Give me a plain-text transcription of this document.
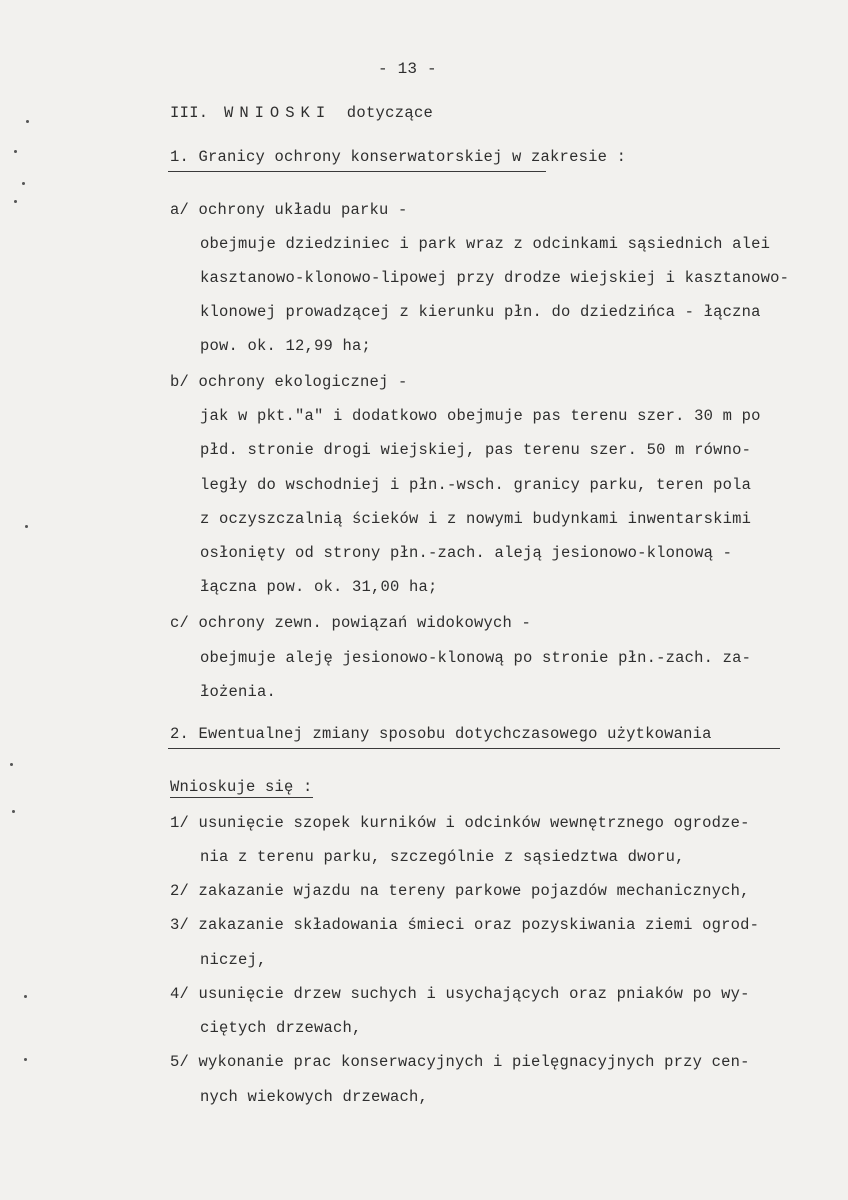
- 13 -
III. WNIOSKI dotyczące
1. Granicy ochrony konserwatorskiej w zakresie :
a/ ochrony układu parku -
obejmuje dziedziniec i park wraz z odcinkami sąsiednich alei
kasztanowo-klonowo-lipowej przy drodze wiejskiej i kasztanowo-
klonowej prowadzącej z kierunku płn. do dziedzińca - łączna
pow. ok. 12,99 ha;
b/ ochrony ekologicznej -
jak w pkt."a" i dodatkowo obejmuje pas terenu szer. 30 m po
płd. stronie drogi wiejskiej, pas terenu szer. 50 m równo-
legły do wschodniej i płn.-wsch. granicy parku, teren pola
z oczyszczalnią ścieków i z nowymi budynkami inwentarskimi
osłonięty od strony płn.-zach. aleją jesionowo-klonową -
łączna pow. ok. 31,00 ha;
c/ ochrony zewn. powiązań widokowych -
obejmuje aleję jesionowo-klonową po stronie płn.-zach. za-
łożenia.
2. Ewentualnej zmiany sposobu dotychczasowego użytkowania
Wnioskuje się :
1/ usunięcie szopek kurników i odcinków wewnętrznego ogrodze-
nia z terenu parku, szczególnie z sąsiedztwa dworu,
2/ zakazanie wjazdu na tereny parkowe pojazdów mechanicznych,
3/ zakazanie składowania śmieci oraz pozyskiwania ziemi ogrod-
niczej,
4/ usunięcie drzew suchych i usychających oraz pniaków po wy-
ciętych drzewach,
5/ wykonanie prac konserwacyjnych i pielęgnacyjnych przy cen-
nych wiekowych drzewach,
